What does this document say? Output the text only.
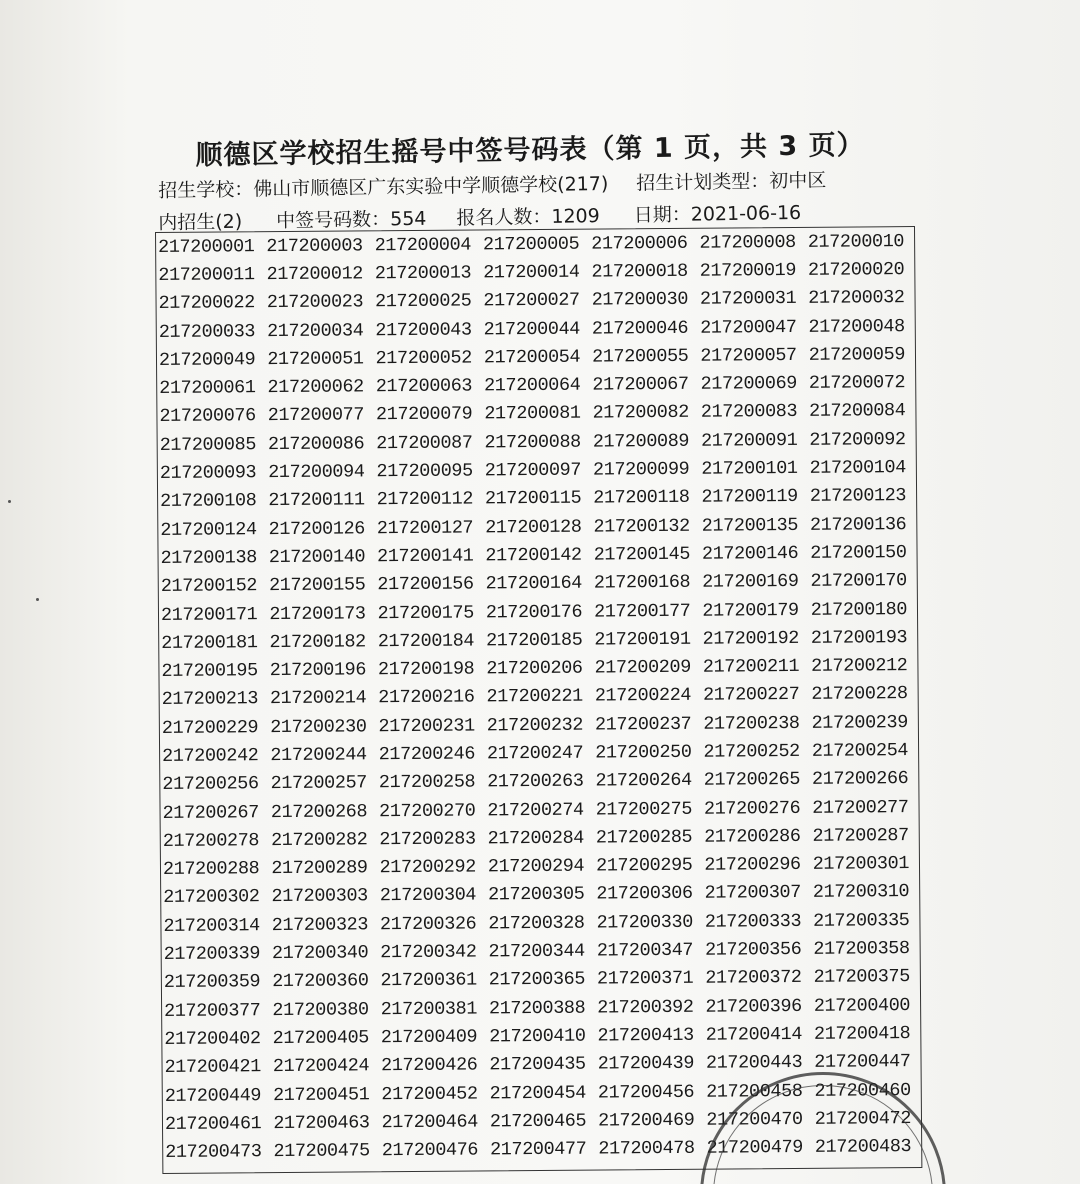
顺德区学校招生摇号中签号码表（第 1 页，共 3 页）
招生学校：佛山市顺德区广东实验中学顺德学校(217) 招生计划类型：初中区
内招生(2) 中签号码数：554 报名人数：1209 日期：2021-06-16
217200001	217200003	217200004	217200005	217200006	217200008	217200010
217200011	217200012	217200013	217200014	217200018	217200019	217200020
217200022	217200023	217200025	217200027	217200030	217200031	217200032
217200033	217200034	217200043	217200044	217200046	217200047	217200048
217200049	217200051	217200052	217200054	217200055	217200057	217200059
217200061	217200062	217200063	217200064	217200067	217200069	217200072
217200076	217200077	217200079	217200081	217200082	217200083	217200084
217200085	217200086	217200087	217200088	217200089	217200091	217200092
217200093	217200094	217200095	217200097	217200099	217200101	217200104
217200108	217200111	217200112	217200115	217200118	217200119	217200123
217200124	217200126	217200127	217200128	217200132	217200135	217200136
217200138	217200140	217200141	217200142	217200145	217200146	217200150
217200152	217200155	217200156	217200164	217200168	217200169	217200170
217200171	217200173	217200175	217200176	217200177	217200179	217200180
217200181	217200182	217200184	217200185	217200191	217200192	217200193
217200195	217200196	217200198	217200206	217200209	217200211	217200212
217200213	217200214	217200216	217200221	217200224	217200227	217200228
217200229	217200230	217200231	217200232	217200237	217200238	217200239
217200242	217200244	217200246	217200247	217200250	217200252	217200254
217200256	217200257	217200258	217200263	217200264	217200265	217200266
217200267	217200268	217200270	217200274	217200275	217200276	217200277
217200278	217200282	217200283	217200284	217200285	217200286	217200287
217200288	217200289	217200292	217200294	217200295	217200296	217200301
217200302	217200303	217200304	217200305	217200306	217200307	217200310
217200314	217200323	217200326	217200328	217200330	217200333	217200335
217200339	217200340	217200342	217200344	217200347	217200356	217200358
217200359	217200360	217200361	217200365	217200371	217200372	217200375
217200377	217200380	217200381	217200388	217200392	217200396	217200400
217200402	217200405	217200409	217200410	217200413	217200414	217200418
217200421	217200424	217200426	217200435	217200439	217200443	217200447
217200449	217200451	217200452	217200454	217200456	217200458	217200460
217200461	217200463	217200464	217200465	217200469	217200470	217200472
217200473	217200475	217200476	217200477	217200478	217200479	217200483
